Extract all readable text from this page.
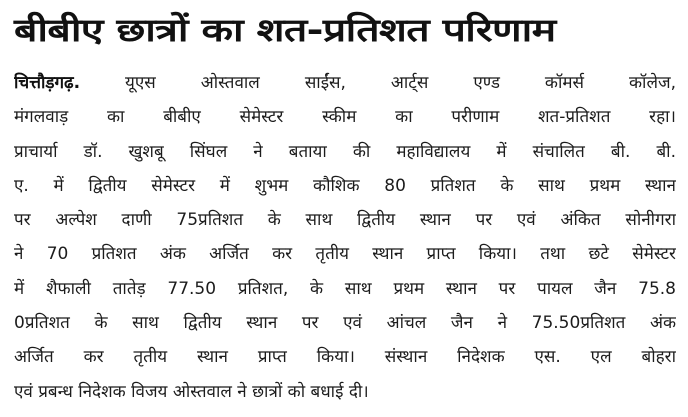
बीबीए छात्रों का शत-प्रतिशत परिणाम
चित्तौड़गढ़. यूएस ओस्तवाल साईंस, आर्ट्स एण्ड कॉमर्स कॉलेज,
मंगलवाड़ का बीबीए सेमेस्टर स्कीम का परीणाम शत-प्रतिशत रहा।
प्राचार्या डॉ. खुशबू सिंघल ने बताया की महाविद्यालय में संचालित बी. बी.
ए. में द्वितीय सेमेस्टर में शुभम कौशिक 80 प्रतिशत के साथ प्रथम स्थान
पर अल्पेश दाणी 75प्रतिशत के साथ द्वितीय स्थान पर एवं अंकित सोनीगरा
ने 70 प्रतिशत अंक अर्जित कर तृतीय स्थान प्राप्त किया। तथा छटे सेमेस्टर
में शैफाली तातेड़ 77.50 प्रतिशत, के साथ प्रथम स्थान पर पायल जैन 75.8
0प्रतिशत के साथ द्वितीय स्थान पर एवं आंचल जैन ने 75.50प्रतिशत अंक
अर्जित कर तृतीय स्थान प्राप्त किया। संस्थान निदेशक एस. एल बोहरा
एवं प्रबन्ध निदेशक विजय ओस्तवाल ने छात्रों को बधाई दी।
